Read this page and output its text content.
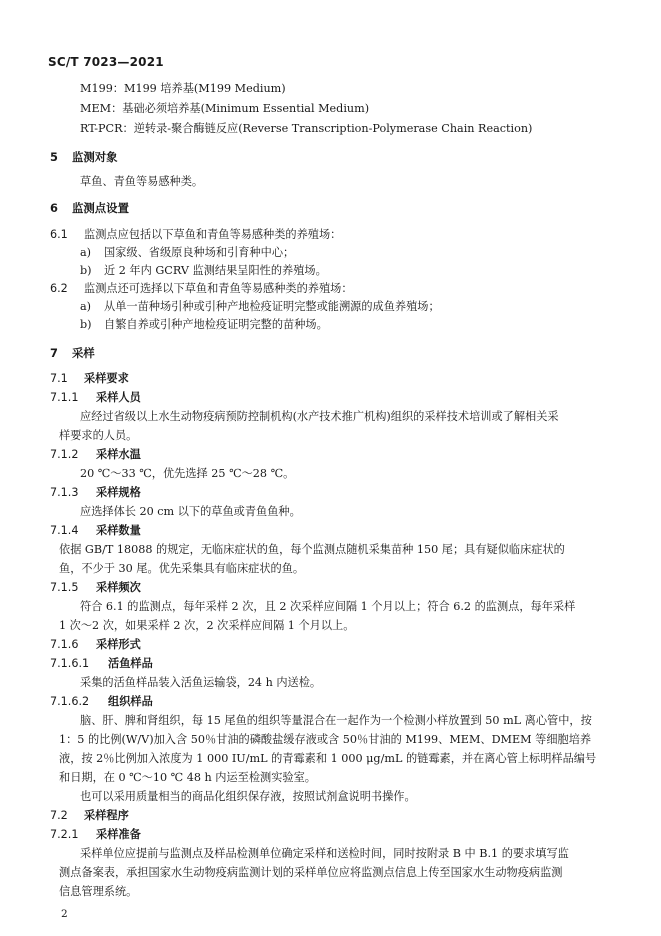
SC/T 7023—2021
M199：M199 培养基(M199 Medium)
MEM：基础必须培养基(Minimum Essential Medium)
RT-PCR：逆转录-聚合酶链反应(Reverse Transcription-Polymerase Chain Reaction)
5 监测对象
草鱼、青鱼等易感种类。
6 监测点设置
6.1 监测点应包括以下草鱼和青鱼等易感种类的养殖场：
a) 国家级、省级原良种场和引育种中心；
b) 近 2 年内 GCRV 监测结果呈阳性的养殖场。
6.2 监测点还可选择以下草鱼和青鱼等易感种类的养殖场：
a) 从单一苗种场引种或引种产地检疫证明完整或能溯源的成鱼养殖场；
b) 自繁自养或引种产地检疫证明完整的苗种场。
7 采样
7.1 采样要求
7.1.1 采样人员
应经过省级以上水生动物疫病预防控制机构(水产技术推广机构)组织的采样技术培训或了解相关采
样要求的人员。
7.1.2 采样水温
20 ℃～33 ℃，优先选择 25 ℃～28 ℃。
7.1.3 采样规格
应选择体长 20 cm 以下的草鱼或青鱼鱼种。
7.1.4 采样数量
依据 GB/T 18088 的规定，无临床症状的鱼，每个监测点随机采集苗种 150 尾；具有疑似临床症状的
鱼，不少于 30 尾。优先采集具有临床症状的鱼。
7.1.5 采样频次
符合 6.1 的监测点，每年采样 2 次，且 2 次采样应间隔 1 个月以上；符合 6.2 的监测点，每年采样
1 次～2 次，如果采样 2 次，2 次采样应间隔 1 个月以上。
7.1.6 采样形式
7.1.6.1 活鱼样品
采集的活鱼样品装入活鱼运输袋，24 h 内送检。
7.1.6.2 组织样品
脑、肝、脾和肾组织，每 15 尾鱼的组织等量混合在一起作为一个检测小样放置到 50 mL 离心管中，按
1：5 的比例(W/V)加入含 50％甘油的磷酸盐缓存液或含 50％甘油的 M199、MEM、DMEM 等细胞培养
液，按 2％比例加入浓度为 1 000 IU/mL 的青霉素和 1 000 μg/mL 的链霉素，并在离心管上标明样品编号
和日期，在 0 ℃～10 ℃ 48 h 内运至检测实验室。
也可以采用质量相当的商品化组织保存液，按照试剂盒说明书操作。
7.2 采样程序
7.2.1 采样准备
采样单位应提前与监测点及样品检测单位确定采样和送检时间，同时按附录 B 中 B.1 的要求填写监
测点备案表，承担国家水生动物疫病监测计划的采样单位应将监测点信息上传至国家水生动物疫病监测
信息管理系统。
2
